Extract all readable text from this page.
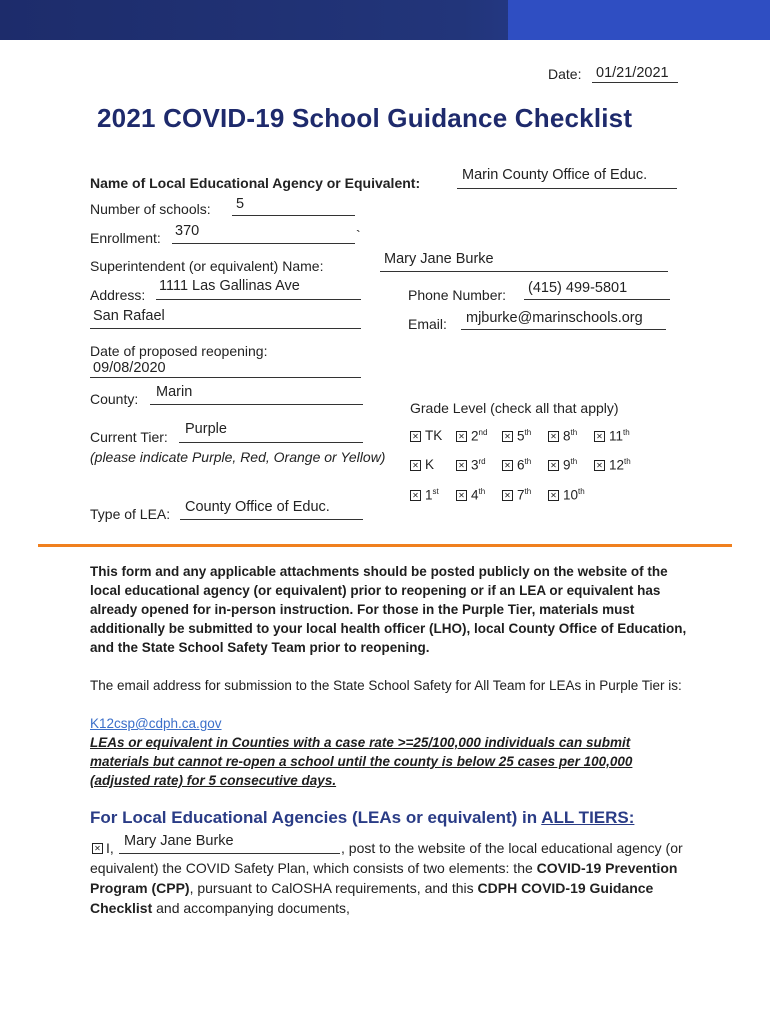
Date: 01/21/2021
2021 COVID-19 School Guidance Checklist
Name of Local Educational Agency or Equivalent:	Marin County Office of Educ.
Number of schools: 5
Enrollment: 370	`
Superintendent (or equivalent) Name:	Mary Jane Burke
Address:
1111 Las Gallinas Ave
San Rafael
Phone Number: (415) 499-5801
Email: mjburke@marinschools.org
Date of proposed reopening:
09/08/2020
County: Marin
Current Tier: Purple
(please indicate Purple, Red, Orange or Yellow)
Type of LEA: County Office of Educ.
Grade Level (check all that apply)
✕ TK ✕ 2nd ✕ 5th ✕ 8th ✕ 11th
✕ K	✕ 3rd ✕ 6th ✕ 9th ✕ 12th
✕ 1st ✕ 4th ✕ 7th ✕ 10th
This form and any applicable attachments should be posted publicly on the website of the local educational agency (or equivalent) prior to reopening or if an LEA or equivalent has already opened for in-person instruction. For those in the Purple Tier, materials must additionally be submitted to your local health officer (LHO), local County Office of Education, and the State School Safety Team prior to reopening.
The email address for submission to the State School Safety for All Team for LEAs in Purple Tier is:
K12csp@cdph.ca.gov
LEAs or equivalent in Counties with a case rate >=25/100,000 individuals can submit materials but cannot re-open a school until the county is below 25 cases per 100,000 (adjusted rate) for 5 consecutive days.
For Local Educational Agencies (LEAs or equivalent) in ALL TIERS:
✕ I, Mary Jane Burke	, post to the website of the local educational agency (or equivalent) the COVID Safety Plan, which consists of two elements: the COVID-19 Prevention Program (CPP), pursuant to CalOSHA requirements, and this CDPH COVID-19 Guidance Checklist and accompanying documents,
